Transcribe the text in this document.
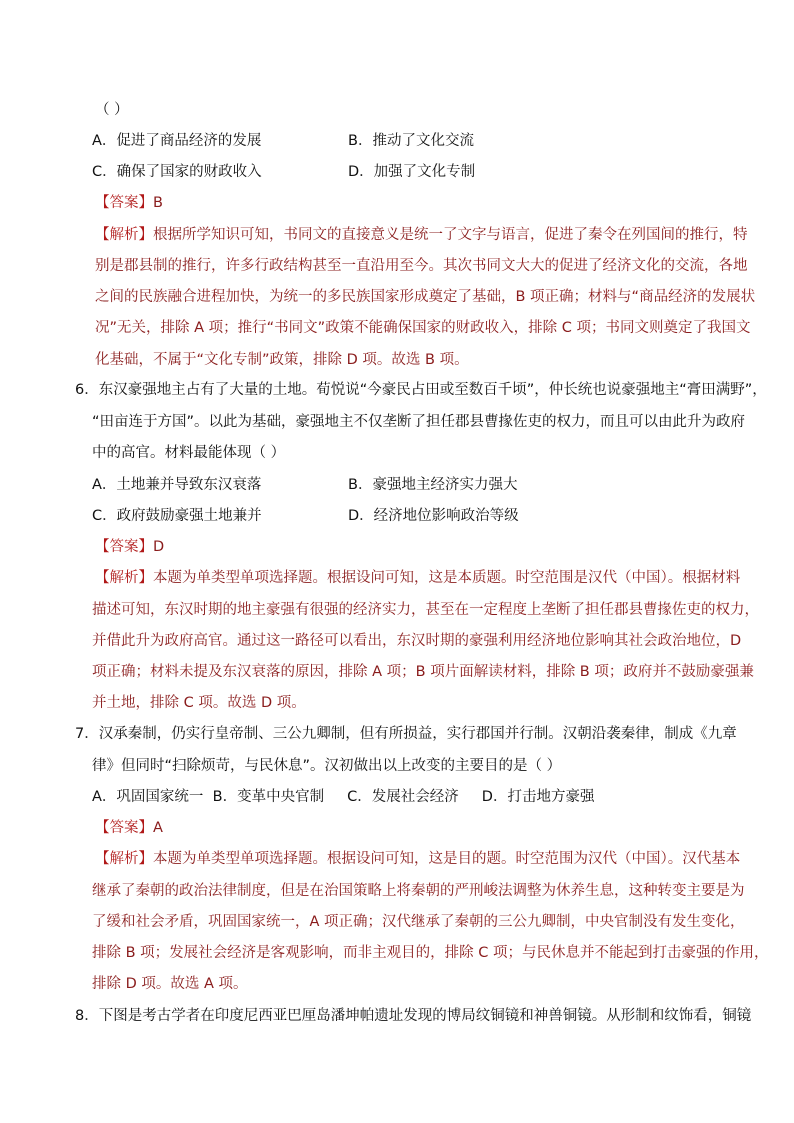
（ ）
A．促进了商品经济的发展	B．推动了文化交流
C．确保了国家的财政收入	D．加强了文化专制
【答案】B
【解析】根据所学知识可知，书同文的直接意义是统一了文字与语言，促进了秦令在列国间的推行，特
别是郡县制的推行，许多行政结构甚至一直沿用至今。其次书同文大大的促进了经济文化的交流，各地
之间的民族融合进程加快，为统一的多民族国家形成奠定了基础，B 项正确；材料与“商品经济的发展状
况”无关，排除 A 项；推行“书同文”政策不能确保国家的财政收入，排除 C 项；书同文则奠定了我国文
化基础，不属于“文化专制”政策，排除 D 项。故选 B 项。
6．东汉豪强地主占有了大量的土地。荀悦说“今豪民占田或至数百千顷”，仲长统也说豪强地主“膏田满野”，
“田亩连于方国”。以此为基础，豪强地主不仅垄断了担任郡县曹掾佐吏的权力，而且可以由此升为政府
中的高官。材料最能体现（ ）
A．土地兼并导致东汉衰落	B．豪强地主经济实力强大
C．政府鼓励豪强土地兼并	D．经济地位影响政治等级
【答案】D
【解析】本题为单类型单项选择题。根据设问可知，这是本质题。时空范围是汉代（中国）。根据材料
描述可知，东汉时期的地主豪强有很强的经济实力，甚至在一定程度上垄断了担任郡县曹掾佐吏的权力，
并借此升为政府高官。通过这一路径可以看出，东汉时期的豪强利用经济地位影响其社会政治地位，D
项正确；材料未提及东汉衰落的原因，排除 A 项；B 项片面解读材料，排除 B 项；政府并不鼓励豪强兼
并土地，排除 C 项。故选 D 项。
7．汉承秦制，仍实行皇帝制、三公九卿制，但有所损益，实行郡国并行制。汉朝沿袭秦律，制成《九章
律》但同时“扫除烦苛，与民休息”。汉初做出以上改变的主要目的是（ ）
A．巩固国家统一  B．变革中央官制     C．发展社会经济     D．打击地方豪强
【答案】A
【解析】本题为单类型单项选择题。根据设问可知，这是目的题。时空范围为汉代（中国）。汉代基本
继承了秦朝的政治法律制度，但是在治国策略上将秦朝的严刑峻法调整为休养生息，这种转变主要是为
了缓和社会矛盾，巩固国家统一，A 项正确；汉代继承了秦朝的三公九卿制，中央官制没有发生变化，
排除 B 项；发展社会经济是客观影响，而非主观目的，排除 C 项；与民休息并不能起到打击豪强的作用，
排除 D 项。故选 A 项。
8．下图是考古学者在印度尼西亚巴厘岛潘坤帕遗址发现的博局纹铜镜和神兽铜镜。从形制和纹饰看，铜镜
